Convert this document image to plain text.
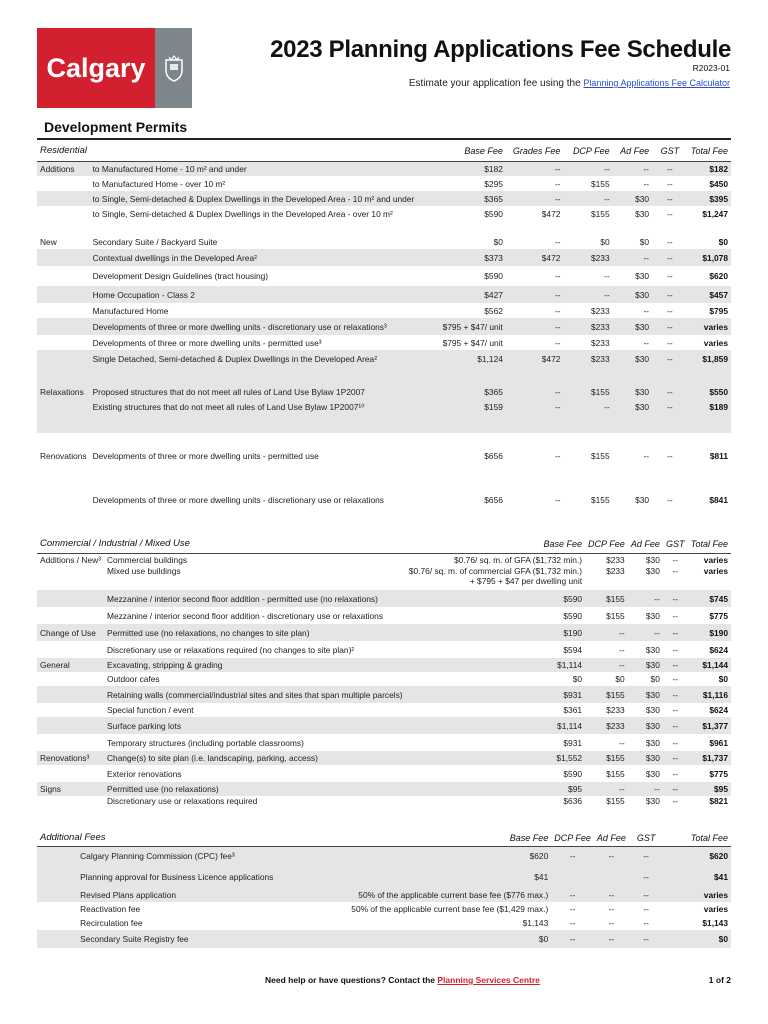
Calgary
2023 Planning Applications Fee Schedule
R2023-01
Estimate your application fee using the Planning Applications Fee Calculator
Development Permits
Residential		Base Fee	Grades Fee	DCP Fee	Ad Fee	GST	Total Fee
Additions	to Manufactured Home - 10 m² and under	$182	--	--	--	--	$182
	to Manufactured Home - over 10 m²	$295	--	$155	--	--	$450
	to Single, Semi-detached & Duplex Dwellings in the Developed Area - 10 m² and under	$365	--	--	$30	--	$395
	to Single, Semi-detached & Duplex Dwellings in the Developed Area - over 10 m²	$590	$472	$155	$30	--	$1,247
New	Secondary Suite / Backyard Suite	$0	--	$0	$0	--	$0
	Contextual dwellings in the Developed Area²	$373	$472	$233	--	--	$1,078
	Development Design Guidelines (tract housing)	$590	--	--	$30	--	$620
	Home Occupation - Class 2	$427	--	--	$30	--	$457
	Manufactured Home	$562	--	$233	--	--	$795
	Developments of three or more dwelling units - discretionary use or relaxations³	$795 + $47/ unit	--	$233	$30	--	varies
	Developments of three or more dwelling units - permitted use³	$795 + $47/ unit	--	$233	--	--	varies
	Single Detached, Semi-detached & Duplex Dwellings in the Developed Area²	$1,124	$472	$233	$30	--	$1,859
Relaxations	Proposed structures that do not meet all rules of Land Use Bylaw 1P2007	$365	--	$155	$30	--	$550
	Existing structures that do not meet all rules of Land Use Bylaw 1P2007¹⁰	$159	--	--	$30	--	$189

Renovations	Developments of three or more dwelling units - permitted use	$656	--	$155	--	--	$811
	Developments of three or more dwelling units - discretionary use or relaxations	$656	--	$155	$30	--	$841
Commercial / Industrial / Mixed Use		Base Fee	DCP Fee	Ad Fee	GST	Total Fee
Additions / New³	Commercial buildings	$0.76/ sq. m. of GFA ($1,732 min.)	$233	$30	--	varies
	Mixed use buildings	$0.76/ sq. m. of commercial GFA ($1,732 min.)
+ $795 + $47 per dwelling unit	$233	$30	--	varies
	Mezzanine / interior second floor addition - permitted use (no relaxations)	$590	$155	--	--	$745
	Mezzanine / interior second floor addition - discretionary use or relaxations	$590	$155	$30	--	$775
Change of Use	Permitted use (no relaxations, no changes to site plan)	$190	--	--	--	$190
	Discretionary use or relaxations required (no changes to site plan)²	$594	--	$30	--	$624
General	Excavating, stripping & grading	$1,114	--	$30	--	$1,144
	Outdoor cafes	$0	$0	$0	--	$0
	Retaining walls (commercial/industrial sites and sites that span multiple parcels)	$931	$155	$30	--	$1,116
	Special function / event	$361	$233	$30	--	$624
	Surface parking lots	$1,114	$233	$30	--	$1,377
	Temporary structures (including portable classrooms)	$931	--	$30	--	$961
Renovations³	Change(s) to site plan (i.e. landscaping, parking, access)	$1,552	$155	$30	--	$1,737
	Exterior renovations	$590	$155	$30	--	$775
Signs	Permitted use (no relaxations)	$95	--	--	--	$95
	Discretionary use or relaxations required	$636	$155	$30	--	$821
Additional Fees		Base Fee	DCP Fee	Ad Fee	GST	Total Fee
	Calgary Planning Commission (CPC) fee³	$620	--	--	--	$620
	Planning approval for Business Licence applications	$41			--	$41
	Revised Plans application	50% of the applicable current base fee ($776 max.)	--	--	--	varies
	Reactivation fee	50% of the applicable current base fee ($1,429 max.)	--	--	--	varies
	Recirculation fee	$1,143	--	--	--	$1,143
	Secondary Suite Registry fee	$0	--	--	--	$0
Need help or have questions? Contact the Planning Services Centre	1 of 2
